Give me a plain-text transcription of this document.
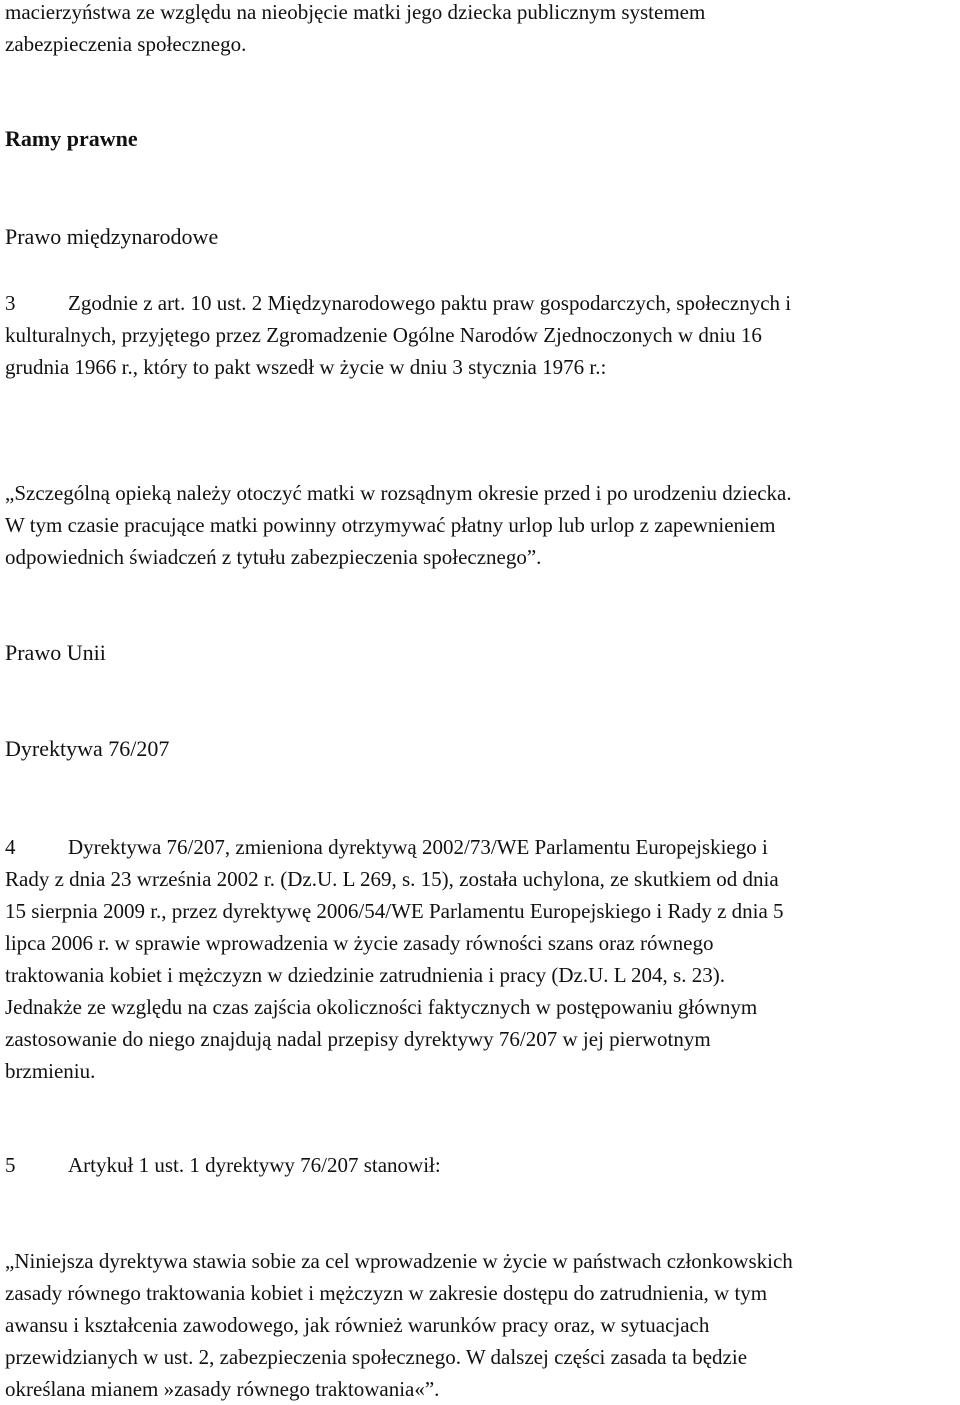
macierzyństwa ze względu na nieobjęcie matki jego dziecka publicznym systemem
zabezpieczenia społecznego.
Ramy prawne
Prawo międzynarodowe
3	Zgodnie z art. 10 ust. 2 Międzynarodowego paktu praw gospodarczych, społecznych i
kulturalnych, przyjętego przez Zgromadzenie Ogólne Narodów Zjednoczonych w dniu 16
grudnia 1966 r., który to pakt wszedł w życie w dniu 3 stycznia 1976 r.:
„Szczególną opieką należy otoczyć matki w rozsądnym okresie przed i po urodzeniu dziecka.
W tym czasie pracujące matki powinny otrzymywać płatny urlop lub urlop z zapewnieniem
odpowiednich świadczeń z tytułu zabezpieczenia społecznego”.
Prawo Unii
Dyrektywa 76/207
4	Dyrektywa 76/207, zmieniona dyrektywą 2002/73/WE Parlamentu Europejskiego i
Rady z dnia 23 września 2002 r. (Dz.U. L 269, s. 15), została uchylona, ze skutkiem od dnia
15 sierpnia 2009 r., przez dyrektywę 2006/54/WE Parlamentu Europejskiego i Rady z dnia 5
lipca 2006 r. w sprawie wprowadzenia w życie zasady równości szans oraz równego
traktowania kobiet i mężczyzn w dziedzinie zatrudnienia i pracy (Dz.U. L 204, s. 23).
Jednakże ze względu na czas zajścia okoliczności faktycznych w postępowaniu głównym
zastosowanie do niego znajdują nadal przepisy dyrektywy 76/207 w jej pierwotnym
brzmieniu.
5	Artykuł 1 ust. 1 dyrektywy 76/207 stanowił:
„Niniejsza dyrektywa stawia sobie za cel wprowadzenie w życie w państwach członkowskich
zasady równego traktowania kobiet i mężczyzn w zakresie dostępu do zatrudnienia, w tym
awansu i kształcenia zawodowego, jak również warunków pracy oraz, w sytuacjach
przewidzianych w ust. 2, zabezpieczenia społecznego. W dalszej części zasada ta będzie
określana mianem »zasady równego traktowania«”.
